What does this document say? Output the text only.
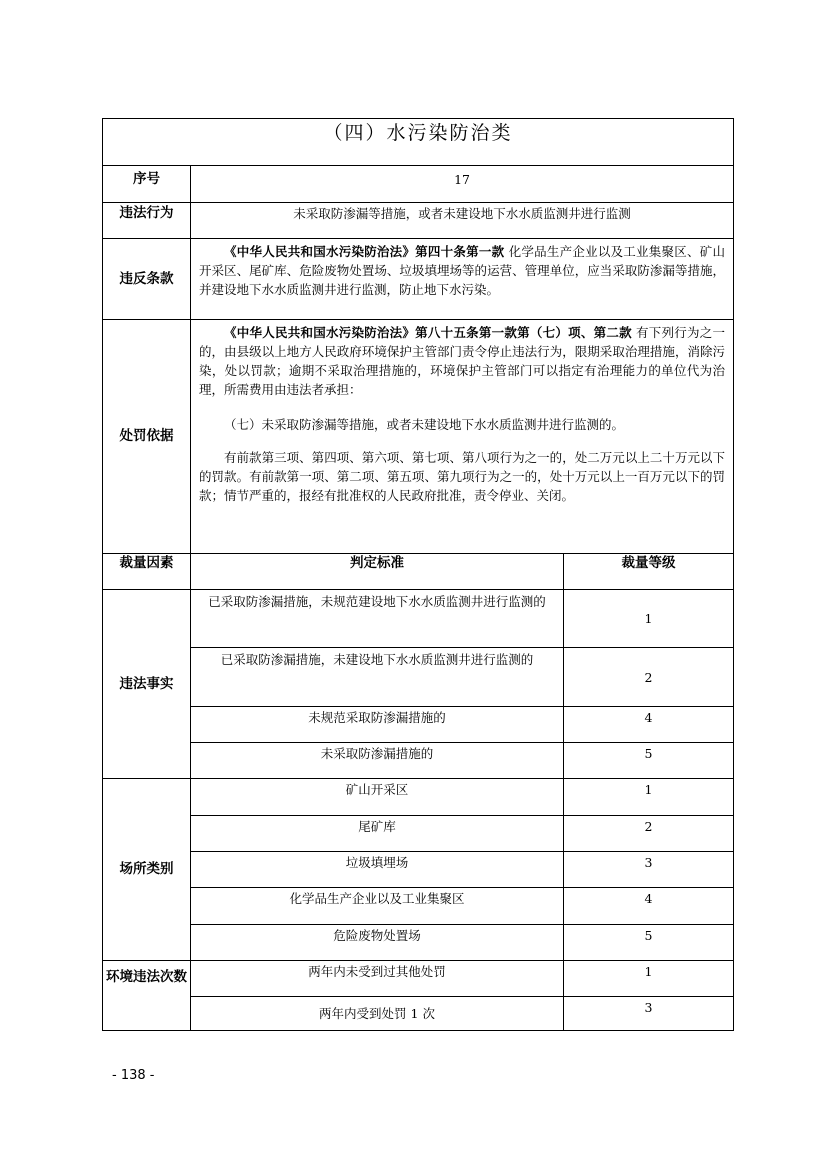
（四）水污染防治类		
序号	17	
违法行为	未采取防渗漏等措施，或者未建设地下水水质监测井进行监测	
违反条款	《中华人民共和国水污染防治法》第四十条第一款 化学品生产企业以及工业集聚区、矿山开采区、尾矿库、危险废物处置场、垃圾填埋场等的运营、管理单位，应当采取防渗漏等措施，并建设地下水水质监测井进行监测，防止地下水污染。	

处罚依据	《中华人民共和国水污染防治法》第八十五条第一款第（七）项、第二款 有下列行为之一的，由县级以上地方人民政府环境保护主管部门责令停止违法行为，限期采取治理措施，消除污染，处以罚款；逾期不采取治理措施的，环境保护主管部门可以指定有治理能力的单位代为治理，所需费用由违法者承担：

（七）未采取防渗漏等措施，或者未建设地下水水质监测井进行监测的。

有前款第三项、第四项、第六项、第七项、第八项行为之一的，处二万元以上二十万元以下的罚款。有前款第一项、第二项、第五项、第九项行为之一的，处十万元以上一百万元以下的罚款；情节严重的，报经有批准权的人民政府批准，责令停业、关闭。	

裁量因素	判定标准	裁量等级
违法事实	已采取防渗漏措施，未规范建设地下水水质监测井进行监测的	1
	已采取防渗漏措施，未建设地下水水质监测井进行监测的	2
	未规范采取防渗漏措施的	4
	未采取防渗漏措施的	5
场所类别	矿山开采区	1
	尾矿库	2
	垃圾填埋场	3
	化学品生产企业以及工业集聚区	4
	危险废物处置场	5
环境违法次数	两年内未受到过其他处罚	1
	两年内受到处罚 1 次	3
- 138 -
